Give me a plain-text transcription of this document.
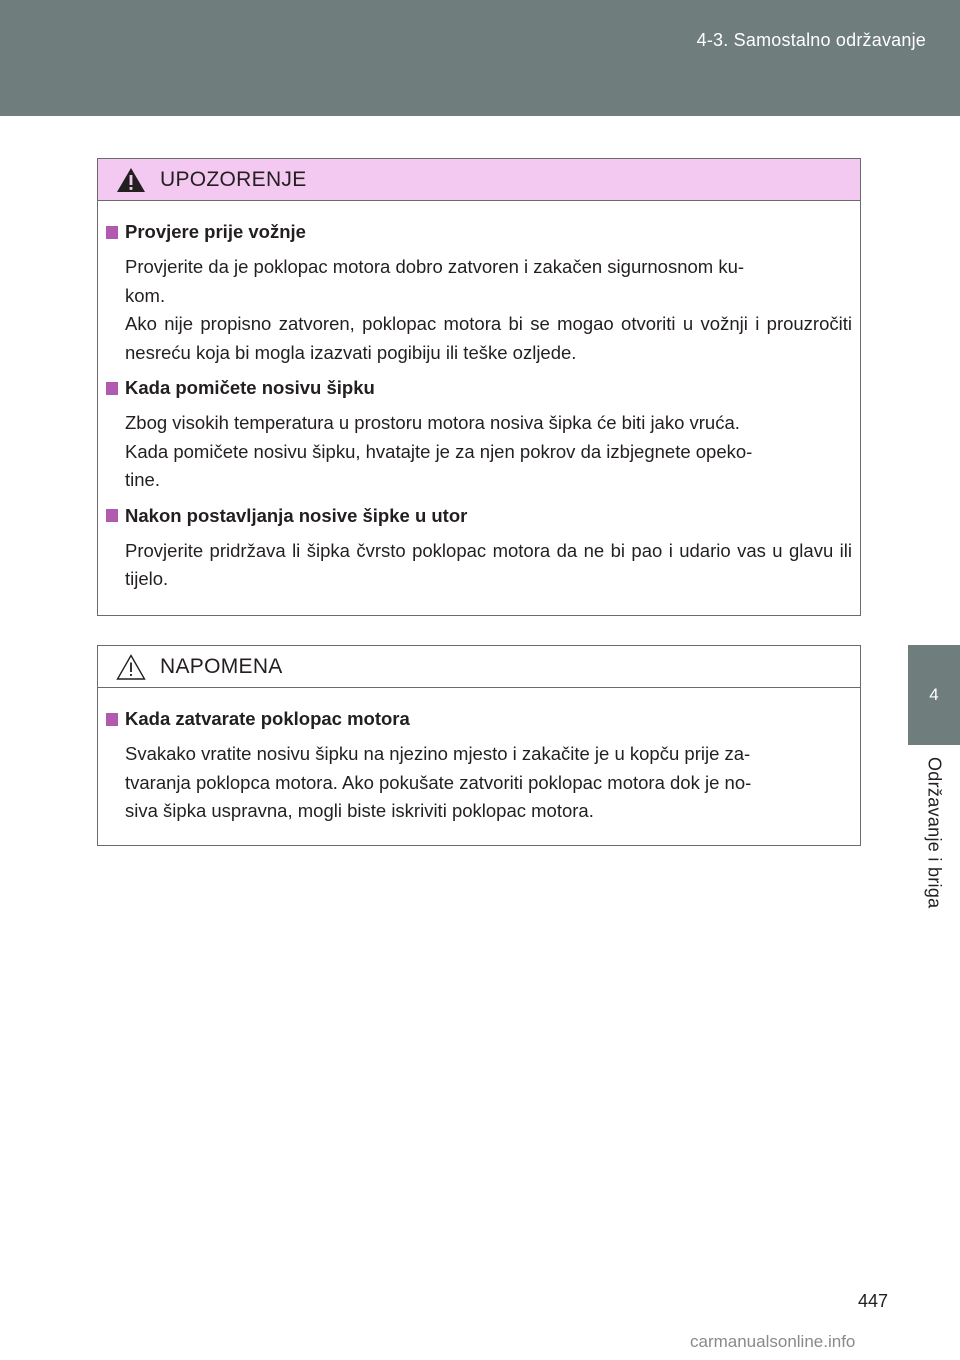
4-3. Samostalno održavanje
4
Održavanje i briga
UPOZORENJE
Provjere prije vožnje
Provjerite da je poklopac motora dobro zatvoren i zakačen sigurnosnom ku-
kom.
Ako nije propisno zatvoren, poklopac motora bi se mogao otvoriti u vožnji i prouzročiti nesreću koja bi mogla izazvati pogibiju ili teške ozljede.
Kada pomičete nosivu šipku
Zbog visokih temperatura u prostoru motora nosiva šipka će biti jako vruća.
Kada pomičete nosivu šipku, hvatajte je za njen pokrov da izbjegnete opeko-
tine.
Nakon postavljanja nosive šipke u utor
Provjerite pridržava li šipka čvrsto poklopac motora da ne bi pao i udario vas u glavu ili tijelo.
NAPOMENA
Kada zatvarate poklopac motora
Svakako vratite nosivu šipku na njezino mjesto i zakačite je u kopču prije za-
tvaranja poklopca motora. Ako pokušate zatvoriti poklopac motora dok je no-
siva šipka uspravna, mogli biste iskriviti poklopac motora.
447
carmanualsonline.info
